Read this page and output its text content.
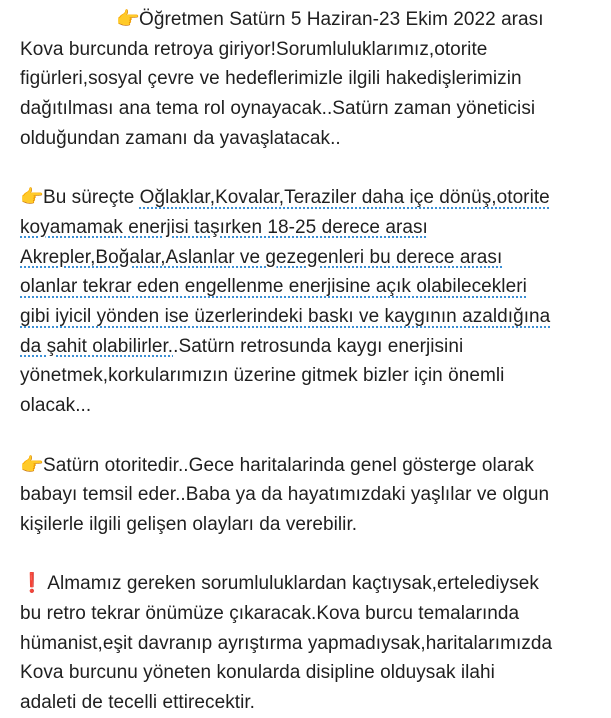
👉Öğretmen Satürn 5 Haziran-23 Ekim 2022 arası
Kova burcunda retroya giriyor!Sorumluluklarımız,otorite
figürleri,sosyal çevre ve hedeflerimizle ilgili hakedişlerimizin
dağıtılması ana tema rol oynayacak..Satürn zaman yöneticisi
olduğundan zamanı da yavaşlatacak..
👉Bu süreçte Oğlaklar,Kovalar,Teraziler daha içe dönüş,otorite
koyamamak enerjisi taşırken 18-25 derece arası
Akrepler,Boğalar,Aslanlar ve gezegenleri bu derece arası
olanlar tekrar eden engellenme enerjisine açık olabilecekleri
gibi iyicil yönden ise üzerlerindeki baskı ve kaygının azaldığına
da şahit olabilirler..Satürn retrosunda kaygı enerjisini
yönetmek,korkularımızın üzerine gitmek bizler için önemli
olacak...
👉Satürn otoritedir..Gece haritalarinda genel gösterge olarak
babayı temsil eder..Baba ya da hayatımızdaki yaşlılar ve olgun
kişilerle ilgili gelişen olayları da verebilir.
❗ Almamız gereken sorumluluklardan kaçtıysak,ertelediysek
bu retro tekrar önümüze çıkaracak.Kova burcu temalarında
hümanist,eşit davranıp ayrıştırma yapmadıysak,haritalarımızda
Kova burcunu yöneten konularda disipline olduysak ilahi
adaleti de tecelli ettirecektir.
